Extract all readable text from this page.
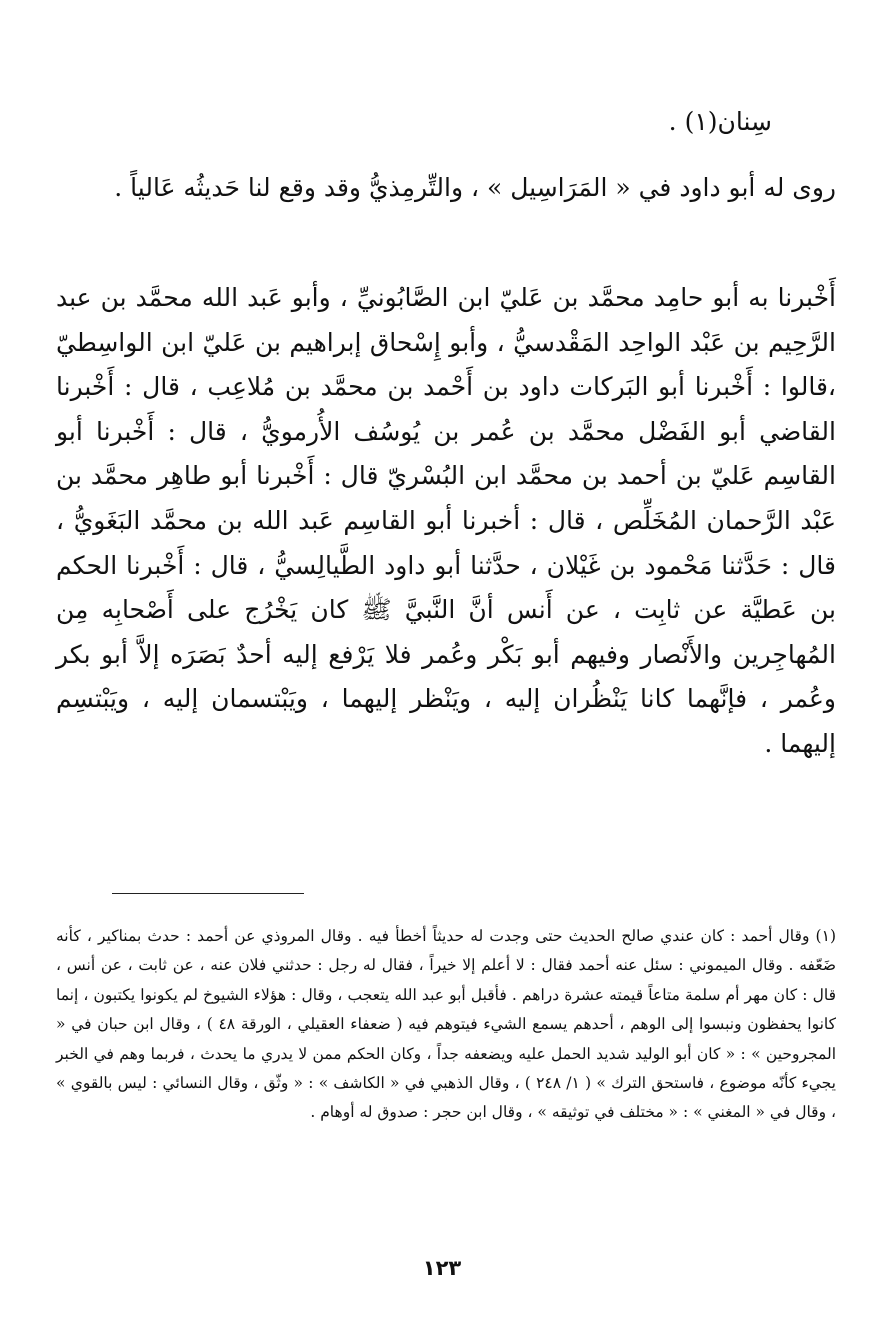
سِنان(١) .
روى له أبو داود في « المَرَاسِيل » ، والتِّرمِذيُّ وقد وقع لنا حَديثُه عَالياً .
أَخْبرنا به أبو حامِد محمَّد بن عَليّ ابن الصَّابُونيِّ ، وأبو عَبد الله محمَّد بن عبد الرَّحِيم بن عَبْد الواحِد المَقْدسيُّ ، وأبو إِسْحاق إبراهيم بن عَليّ ابن الواسِطيّ ،قالوا : أَخْبرنا أبو البَركات داود بن أَحْمد بن محمَّد بن مُلاعِب ، قال : أَخْبرنا القاضي أبو الفَضْل محمَّد بن عُمر بن يُوسُف الأُرمويُّ ، قال : أَخْبرنا أبو القاسِم عَليّ بن أحمد بن محمَّد ابن البُسْريّ قال : أَخْبرنا أبو طاهِر محمَّد بن عَبْد الرَّحمان المُخَلِّص ، قال : أخبرنا أبو القاسِم عَبد الله بن محمَّد البَغَويُّ ، قال : حَدَّثنا مَحْمود بن غَيْلان ، حدَّثنا أبو داود الطَّيالِسيُّ ، قال : أَخْبرنا الحكم بن عَطيَّة عن ثابِت ، عن أَنس أنَّ النَّبيَّ ﷺ كان يَخْرُج على أَصْحابِه مِن المُهاجِرين والأَنْصار وفيهم أبو بَكْر وعُمر فلا يَرْفع إليه أحدٌ بَصَرَه إلاَّ أبو بكر وعُمر ، فإنَّهما كانا يَنْظُران إليه ، ويَنْظر إليهما ، ويَبْتسمان إليه ، ويَبْتسِم إليهما .
(١) وقال أحمد : كان عندي صالح الحديث حتى وجدت له حديثاً أخطأ فيه . وقال المروذي عن أحمد : حدث بمناكير ، كأنه ضَعّفه . وقال الميموني : سئل عنه أحمد فقال : لا أعلم إلا خيراً ، فقال له رجل : حدثني فلان عنه ، عن ثابت ، عن أنس ، قال : كان مهر أم سلمة متاعاً قيمته عشرة دراهم . فأقبل أبو عبد الله يتعجب ، وقال : هؤلاء الشيوخ لم يكونوا يكتبون ، إنما كانوا يحفظون ونبسوا إلى الوهم ، أحدهم يسمع الشيء فيتوهم فيه ( ضعفاء العقيلي ، الورقة ٤٨ ) ، وقال ابن حبان في « المجروحين » : « كان أبو الوليد شديد الحمل عليه ويضعفه جداً ، وكان الحكم ممن لا يدري ما يحدث ، فربما وهم في الخبر يجيء كأنّه موضوع ، فاستحق الترك » ( ١/ ٢٤٨ ) ، وقال الذهبي في « الكاشف » : « وثّق ، وقال النسائي : ليس بالقوي » ، وقال في « المغني » : « مختلف في توثيقه » ، وقال ابن حجر : صدوق له أوهام .
١٢٣
